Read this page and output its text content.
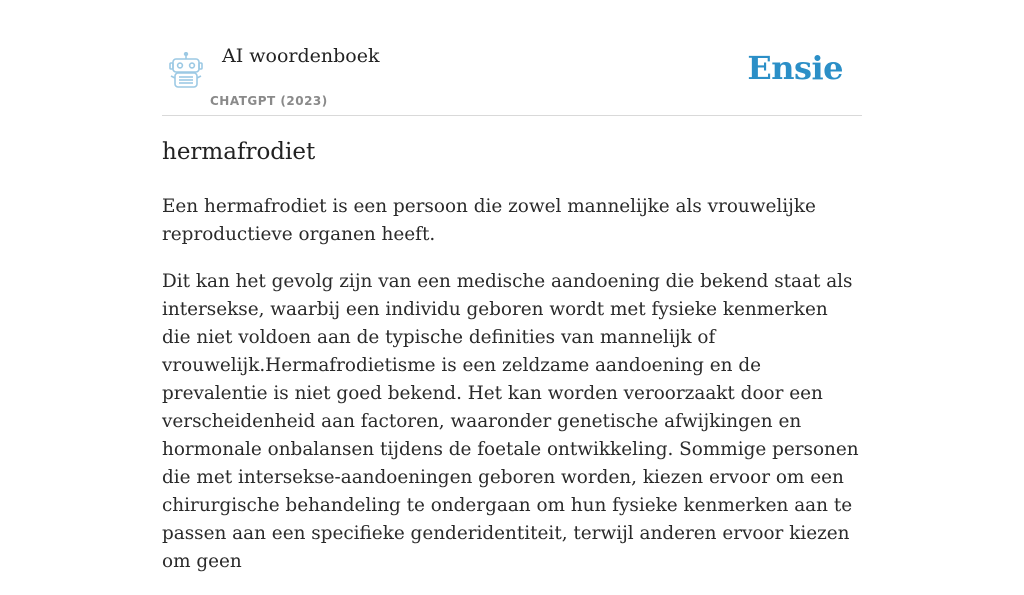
AI woordenboek
CHATGPT (2023)
Ensie
hermafrodiet

Een hermafrodiet is een persoon die zowel mannelijke als vrouwelijke reproductieve organen heeft.

Dit kan het gevolg zijn van een medische aandoening die bekend staat als intersekse, waarbij een individu geboren wordt met fysieke kenmerken die niet voldoen aan de typische definities van mannelijk of vrouwelijk.Hermafrodietisme is een zeldzame aandoening en de prevalentie is niet goed bekend. Het kan worden veroorzaakt door een verscheidenheid aan factoren, waaronder genetische afwijkingen en hormonale onbalansen tijdens de foetale ontwikkeling. Sommige personen die met intersekse-aandoeningen geboren worden, kiezen ervoor om een chirurgische behandeling te ondergaan om hun fysieke kenmerken aan te passen aan een specifieke genderidentiteit, terwijl anderen ervoor kiezen om geen
